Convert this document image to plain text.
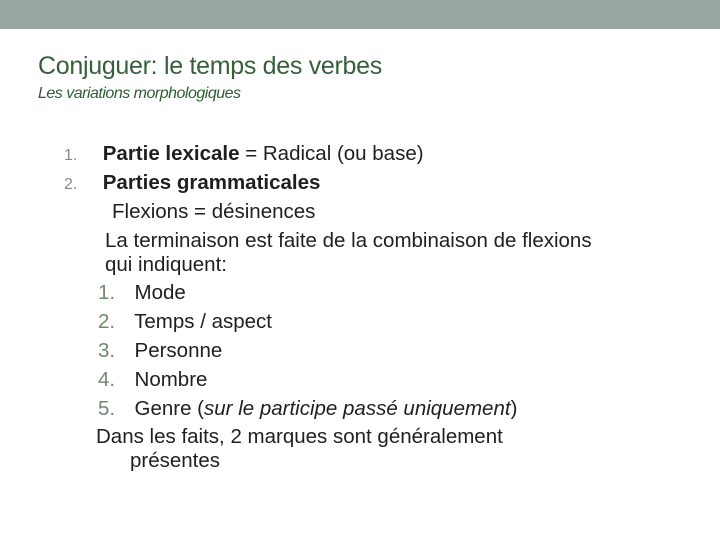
Conjuguer: le temps des verbes
Les variations morphologiques
1. Partie lexicale = Radical (ou base)
2. Parties grammaticales
Flexions = désinences
La terminaison est faite de la combinaison de flexions
qui indiquent:
1. Mode
2. Temps / aspect
3. Personne
4. Nombre
5. Genre (sur le participe passé uniquement)
Dans les faits, 2 marques sont généralement
présentes
